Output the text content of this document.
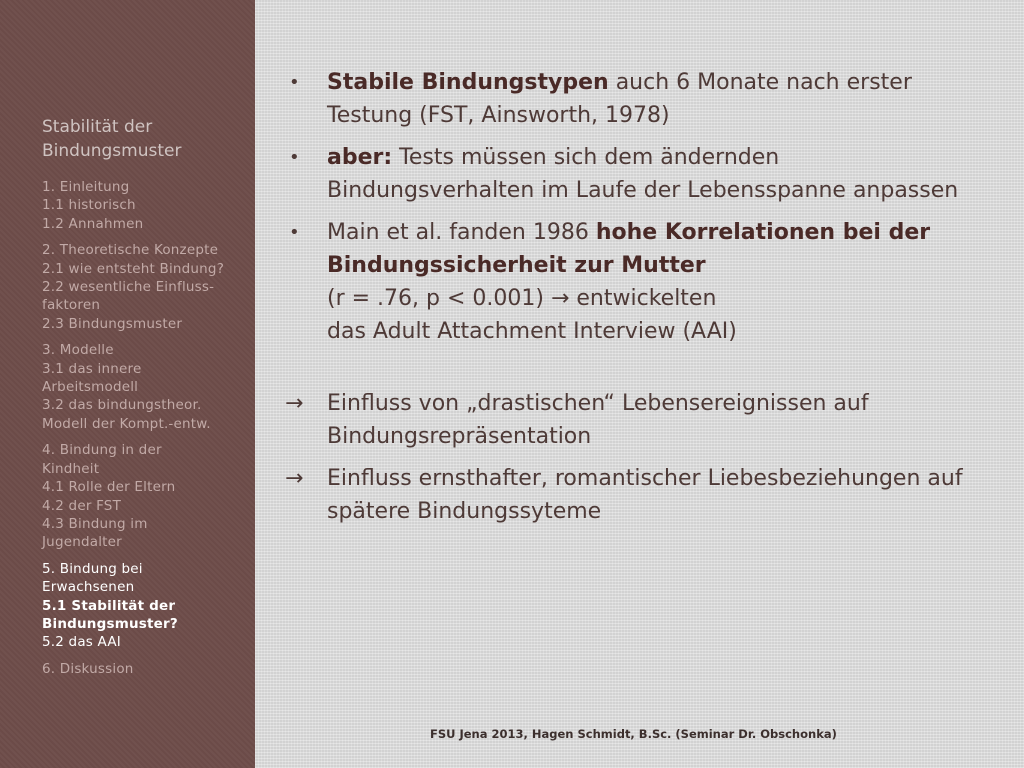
Stabilität der
Bindungsmuster
1. Einleitung
1.1 historisch
1.2 Annahmen
2. Theoretische Konzepte
2.1 wie entsteht Bindung?
2.2 wesentliche Einfluss-
faktoren
2.3 Bindungsmuster
3. Modelle
3.1 das innere
Arbeitsmodell
3.2 das bindungstheor.
Modell der Kompt.-entw.
4. Bindung in der
Kindheit
4.1 Rolle der Eltern
4.2 der FST
4.3 Bindung im
Jugendalter
5. Bindung bei
Erwachsenen
5.1 Stabilität der
Bindungsmuster?
5.2 das AAI
6. Diskussion
• Stabile Bindungstypen auch 6 Monate nach erster Testung (FST, Ainsworth, 1978)
• aber: Tests müssen sich dem ändernden Bindungsverhalten im Laufe der Lebensspanne anpassen
• Main et al. fanden 1986 hohe Korrelationen bei der Bindungssicherheit zur Mutter
(r = .76, p < 0.001) → entwickelten
das Adult Attachment Interview (AAI)
→ Einfluss von „drastischen“ Lebensereignissen auf Bindungsrepräsentation
→ Einfluss ernsthafter, romantischer Liebesbeziehungen auf spätere Bindungssyteme
FSU Jena 2013, Hagen Schmidt, B.Sc. (Seminar Dr. Obschonka)
